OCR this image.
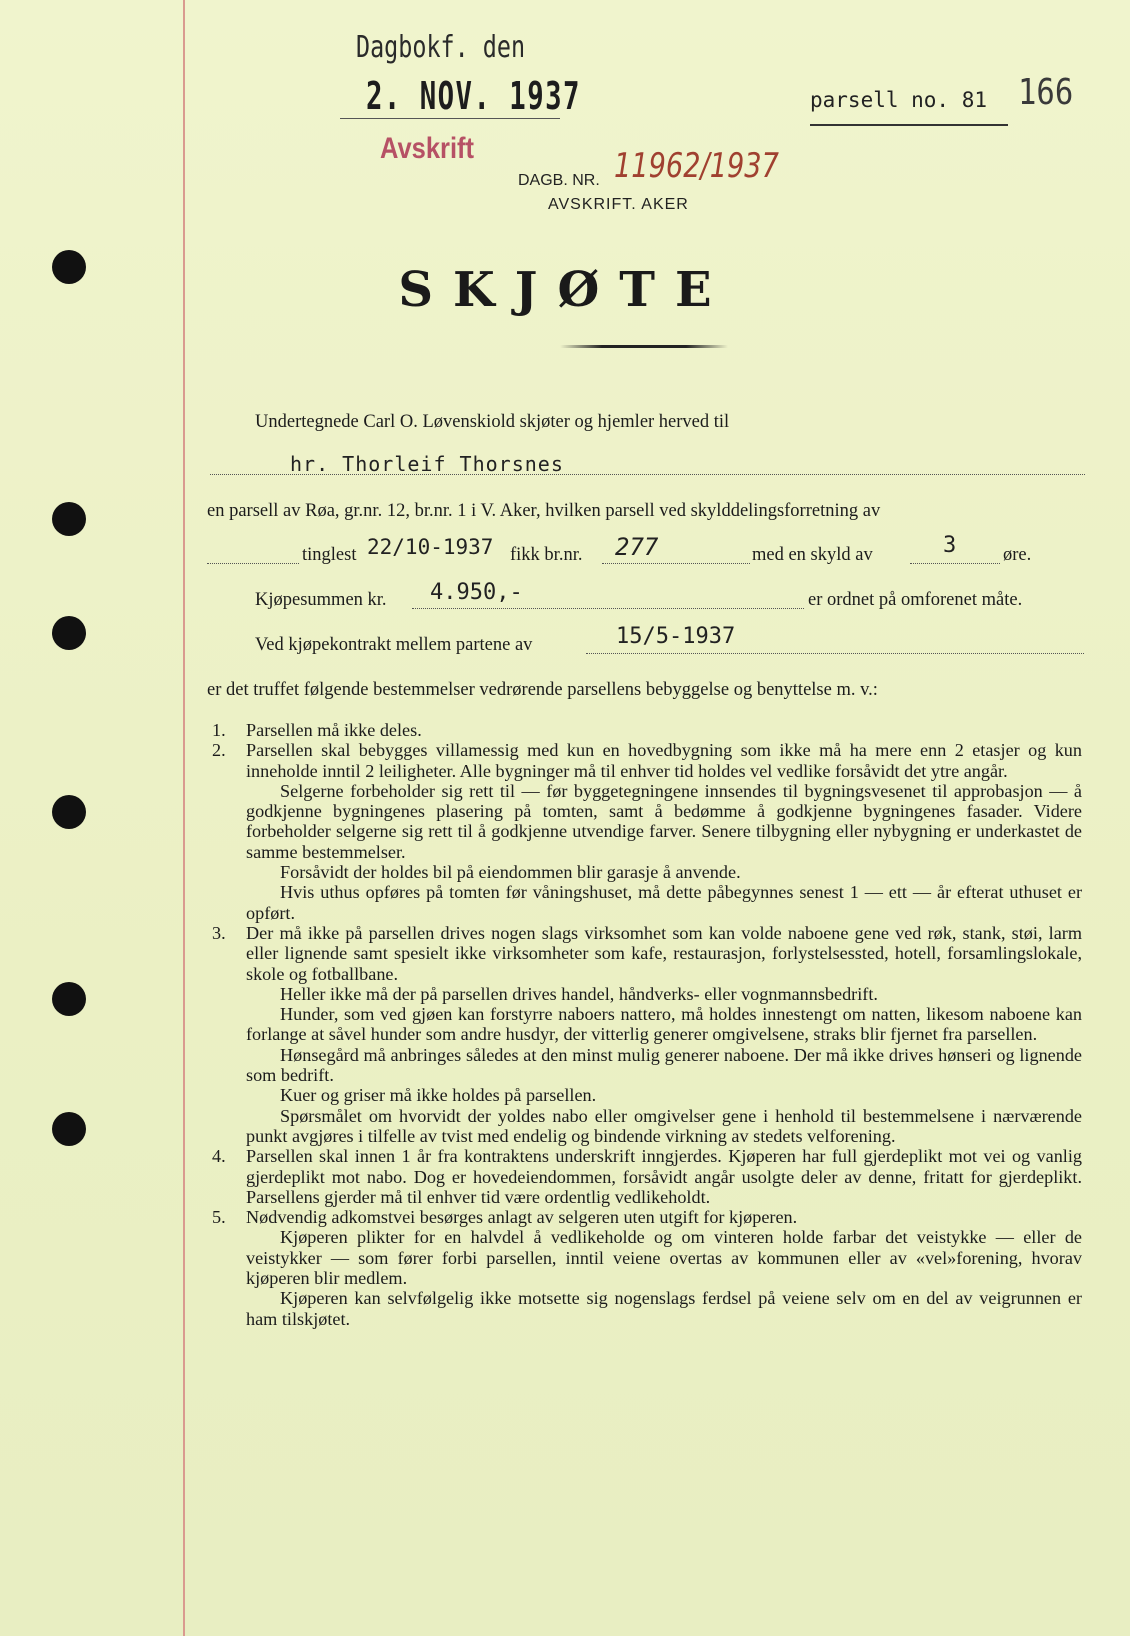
Dagbokf. den
2. NOV. 1937	parsell no. 81 166
Avskrift
DAGB. NR. 11962/1937
AVSKRIFT. AKER
SKJØTE
Undertegnede Carl O. Løvenskiold skjøter og hjemler herved til
hr. Thorleif Thorsnes
en parsell av Røa, gr.nr. 12, br.nr. 1 i V. Aker, hvilken parsell ved skylddelingsforretning av
tinglest 22/10-1937 fikk br.nr. 277	med en skyld av	3	øre.
Kjøpesummen kr. 4.950,-	er ordnet på omforenet måte.
Ved kjøpekontrakt mellem partene av	15/5-1937
er det truffet følgende bestemmelser vedrørende parsellens bebyggelse og benyttelse m. v.:
1.	Parsellen må ikke deles.
2.	Parsellen skal bebygges villamessig med kun en hovedbygning som ikke må ha mere enn 2 etasjer og kun inneholde inntil 2 leiligheter. Alle bygninger må til enhver tid holdes vel vedlike forsåvidt det ytre angår.
Selgerne forbeholder sig rett til — før byggetegningene innsendes til bygningsvesenet til approbasjon — å godkjenne bygningenes plasering på tomten, samt å bedømme å godkjenne bygningenes fasader. Videre forbeholder selgerne sig rett til å godkjenne utvendige farver. Senere tilbygning eller nybygning er underkastet de samme bestemmelser.
Forsåvidt der holdes bil på eiendommen blir garasje å anvende.
Hvis uthus opføres på tomten før våningshuset, må dette påbegynnes senest 1 — ett — år efterat uthuset er opført.
3.	Der må ikke på parsellen drives nogen slags virksomhet som kan volde naboene gene ved røk, stank, støi, larm eller lignende samt spesielt ikke virksomheter som kafe, restaurasjon, forlystelsessted, hotell, forsamlingslokale, skole og fotballbane.
Heller ikke må der på parsellen drives handel, håndverks- eller vognmannsbedrift.
Hunder, som ved gjøen kan forstyrre naboers nattero, må holdes innestengt om natten, likesom naboene kan forlange at såvel hunder som andre husdyr, der vitterlig generer omgivelsene, straks blir fjernet fra parsellen.
Hønsegård må anbringes således at den minst mulig generer naboene. Der må ikke drives hønseri og lignende som bedrift.
Kuer og griser må ikke holdes på parsellen.
Spørsmålet om hvorvidt der yoldes nabo eller omgivelser gene i henhold til bestemmelsene i nærværende punkt avgjøres i tilfelle av tvist med endelig og bindende virkning av stedets velforening.
4.	Parsellen skal innen 1 år fra kontraktens underskrift inngjerdes. Kjøperen har full gjerdeplikt mot vei og vanlig gjerdeplikt mot nabo. Dog er hovedeiendommen, forsåvidt angår usolgte deler av denne, fritatt for gjerdeplikt. Parsellens gjerder må til enhver tid være ordentlig vedlikeholdt.
5.	Nødvendig adkomstvei besørges anlagt av selgeren uten utgift for kjøperen.
Kjøperen plikter for en halvdel å vedlikeholde og om vinteren holde farbar det veistykke — eller de veistykker — som fører forbi parsellen, inntil veiene overtas av kommunen eller av «vel»forening, hvorav kjøperen blir medlem.
Kjøperen kan selvfølgelig ikke motsette sig nogenslags ferdsel på veiene selv om en del av veigrunnen er ham tilskjøtet.
